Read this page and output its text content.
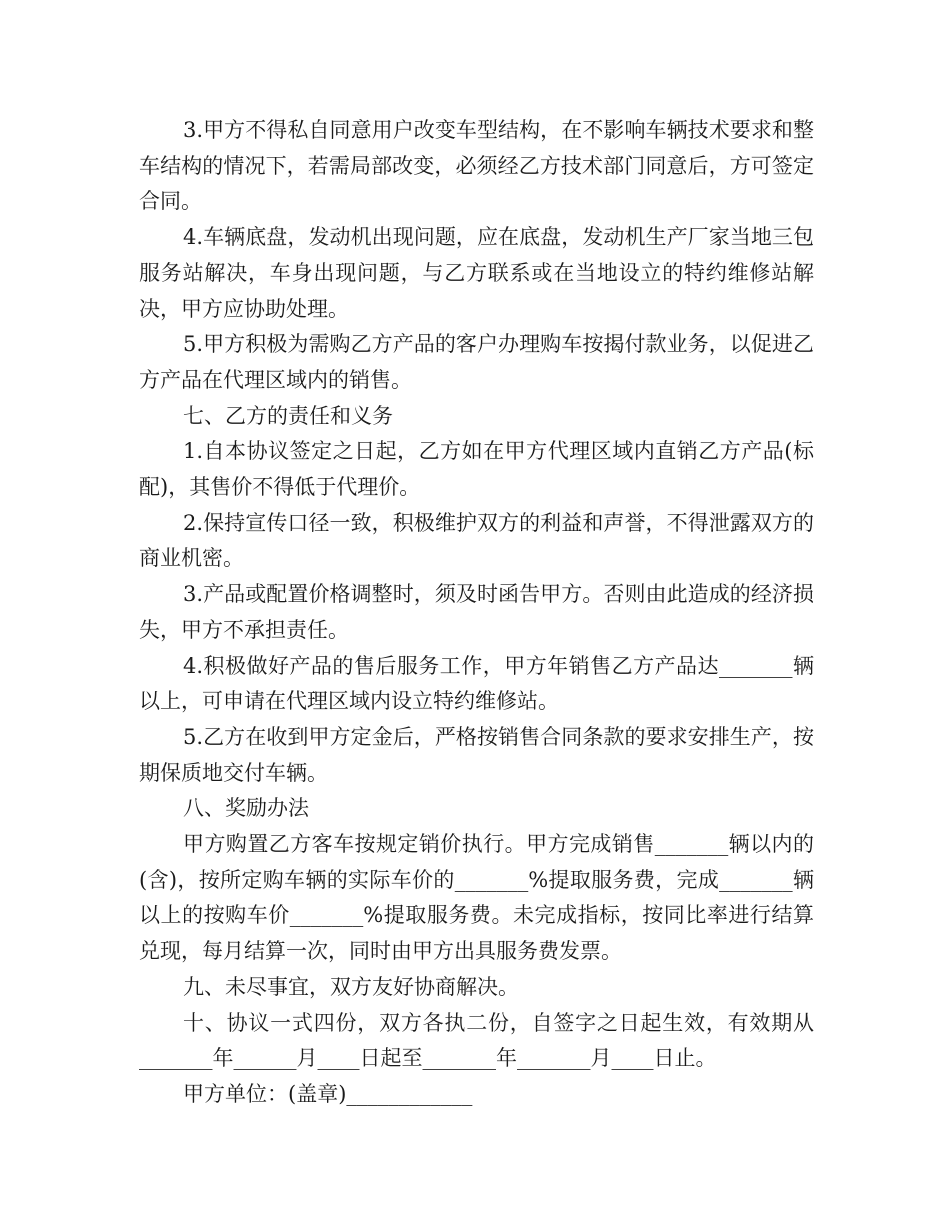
3.甲方不得私自同意用户改变车型结构，在不影响车辆技术要求和整车结构的情况下，若需局部改变，必须经乙方技术部门同意后，方可签定合同。

4.车辆底盘，发动机出现问题，应在底盘，发动机生产厂家当地三包服务站解决，车身出现问题，与乙方联系或在当地设立的特约维修站解决，甲方应协助处理。

5.甲方积极为需购乙方产品的客户办理购车按揭付款业务，以促进乙方产品在代理区域内的销售。

七、乙方的责任和义务

1.自本协议签定之日起，乙方如在甲方代理区域内直销乙方产品(标配)，其售价不得低于代理价。

2.保持宣传口径一致，积极维护双方的利益和声誉，不得泄露双方的商业机密。

3.产品或配置价格调整时，须及时函告甲方。否则由此造成的经济损失，甲方不承担责任。

4.积极做好产品的售后服务工作，甲方年销售乙方产品达_______辆以上，可申请在代理区域内设立特约维修站。

5.乙方在收到甲方定金后，严格按销售合同条款的要求安排生产，按期保质地交付车辆。

八、奖励办法

甲方购置乙方客车按规定销价执行。甲方完成销售_______辆以内的(含)，按所定购车辆的实际车价的_______%提取服务费，完成_______辆以上的按购车价_______%提取服务费。未完成指标，按同比率进行结算兑现，每月结算一次，同时由甲方出具服务费发票。

九、未尽事宜，双方友好协商解决。

十、协议一式四份，双方各执二份，自签字之日起生效，有效期从_______年______月____日起至_______年_______月____日止。

甲方单位：(盖章)____________
